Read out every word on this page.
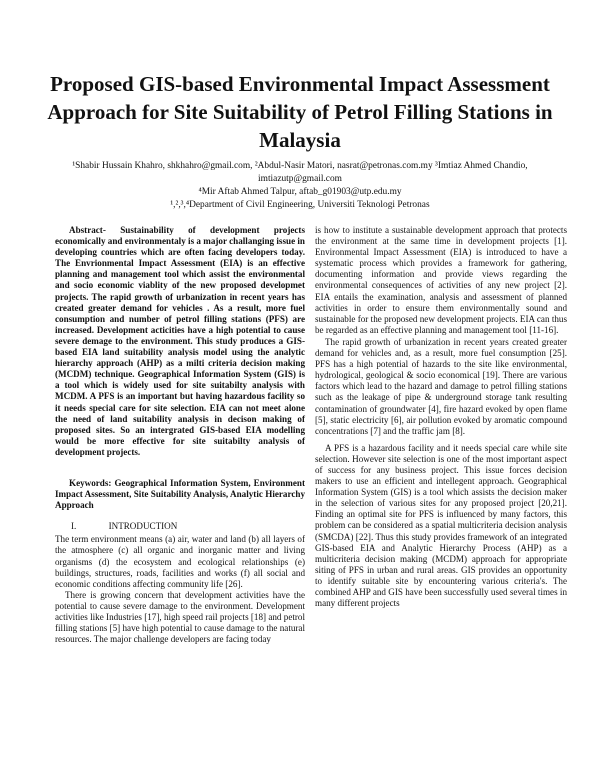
Proposed GIS-based Environmental Impact Assessment Approach for Site Suitability of Petrol Filling Stations in Malaysia
¹Shabir Hussain Khahro, shkhahro@gmail.com, ²Abdul-Nasir Matori, nasrat@petronas.com.my ³Imtiaz Ahmed Chandio,
imtiazutp@gmail.com
⁴Mir Aftab Ahmed Talpur, aftab_g01903@utp.edu.my
¹,²,³,⁴Department of Civil Engineering, Universiti Teknologi Petronas

Abstract- Sustainability of development projects economically and environmentaly is a major challanging issue in developing countries which are often facing developers today. The Envrionmental Impact Assessment (EIA) is an effective planning and management tool which assist the environmental and socio economic viablity of the new proposed developmet projects. The rapid growth of urbanization in recent years has created greater demand for vehicles . As a result, more fuel consumption and number of petrol filling stations (PFS) are increased. Development acticities have a high potential to cause severe demage to the environment. This study produces a GIS-based EIA land suitability analysis model using the analytic hierarchy approach (AHP) as a milti criteria decision making (MCDM) technique. Geographical Information System (GIS) is a tool which is widely used for site suitabilty analysis with MCDM. A PFS is an important but having hazardous facility so it needs special care for site selection. EIA can not meet alone the need of land suitability analysis in decison making of proposed sites. So an intergrated GIS-based EIA modelling would be more effective for site suitabilty analysis of development projects.

Keywords: Geographical Information System, Environment Impact Assessment, Site Suitability Analysis, Analytic Hierarchy Approach

I.	INTRODUCTION

The term environment means (a) air, water and land (b) all layers of the atmosphere (c) all organic and inorganic matter and living organisms (d) the ecosystem and ecological relationships (e) buildings, structures, roads, facilities and works (f) all social and economic conditions affecting community life [26].

There is growing concern that development activities have the potential to cause severe damage to the environment. Development activities like Industries [17], high speed rail projects [18] and petrol filling stations [5] have high potential to cause damage to the natural resources. The major challenge developers are facing today

is how to institute a sustainable development approach that protects the environment at the same time in development projects [1]. Environmental Impact Assessment (EIA) is introduced to have a systematic process which provides a framework for gathering, documenting information and provide views regarding the environmental consequences of activities of any new project [2]. EIA entails the examination, analysis and assessment of planned activities in order to ensure them environmentally sound and sustainable for the proposed new development projects. EIA can thus be regarded as an effective planning and management tool [11-16].

The rapid growth of urbanization in recent years created greater demand for vehicles and, as a result, more fuel consumption [25]. PFS has a high potential of hazards to the site like environmental, hydrological, geological & socio economical [19]. There are various factors which lead to the hazard and damage to petrol filling stations such as the leakage of pipe & underground storage tank resulting contamination of groundwater [4], fire hazard evoked by open flame [5], static electricity [6], air pollution evoked by aromatic compound concentrations [7] and the traffic jam [8].

A PFS is a hazardous facility and it needs special care while site selection. However site selection is one of the most important aspect of success for any business project. This issue forces decision makers to use an efficient and intellegent approach. Geographical Information System (GIS) is a tool which assists the decision maker in the selection of various sites for any proposed project [20,21]. Finding an optimal site for PFS is influenced by many factors, this problem can be considered as a spatial multicriteria decision analysis (SMCDA) [22]. Thus this study provides framework of an integrated GIS-based EIA and Analytic Hierarchy Process (AHP) as a multicriteria decision making (MCDM) approach for appropriate siting of PFS in urban and rural areas. GIS provides an opportunity to identify suitable site by encountering various criteria's. The combined AHP and GIS have been successfully used several times in many different projects
